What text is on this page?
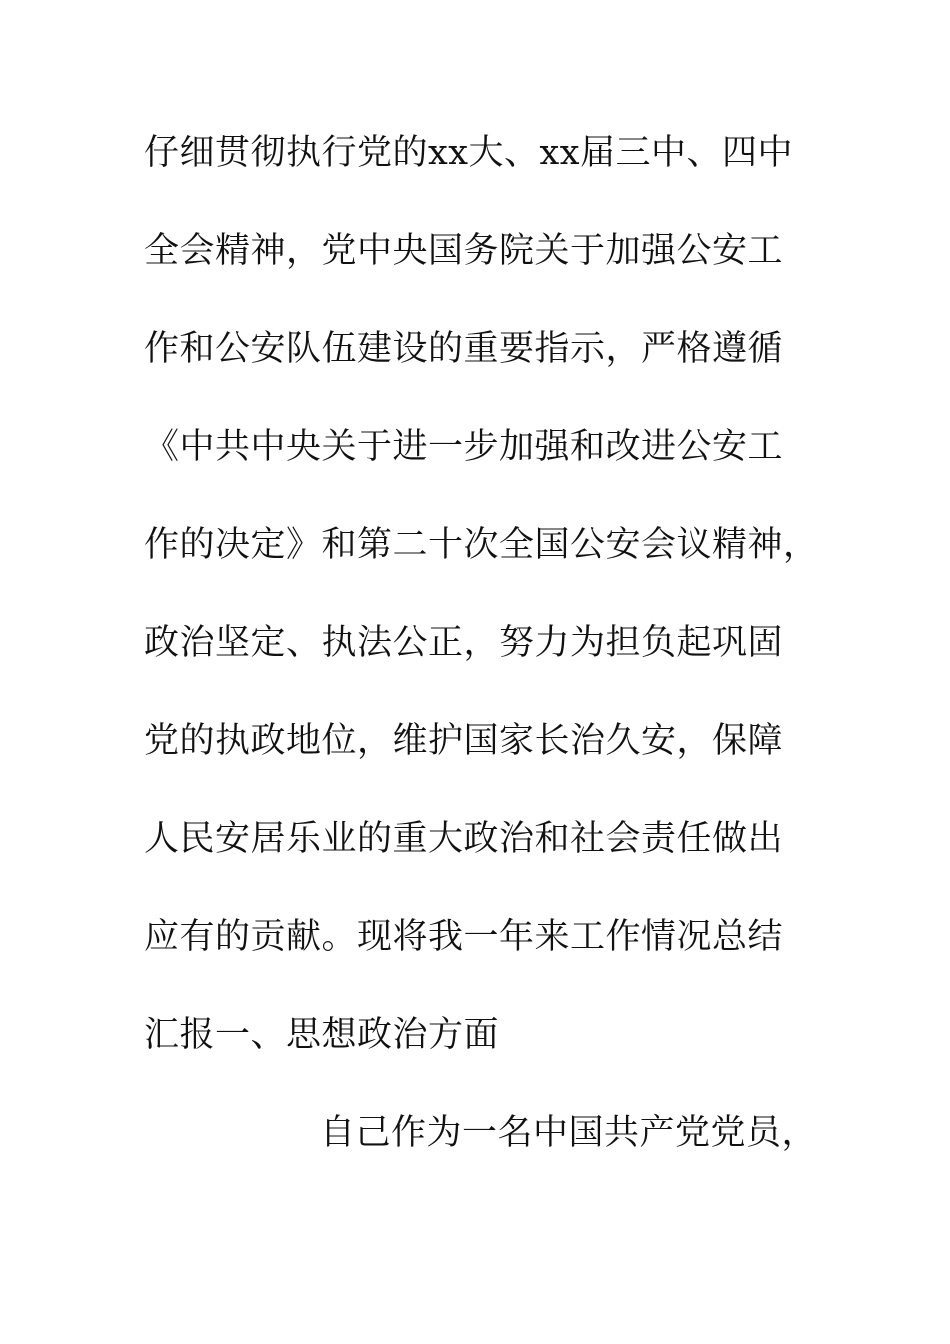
仔细贯彻执行党的xx大、xx届三中、四中
全会精神，党中央国务院关于加强公安工
作和公安队伍建设的重要指示，严格遵循
《中共中央关于进一步加强和改进公安工
作的决定》和第二十次全国公安会议精神，
政治坚定、执法公正，努力为担负起巩固
党的执政地位，维护国家长治久安，保障
人民安居乐业的重大政治和社会责任做出
应有的贡献。现将我一年来工作情况总结
汇报一、思想政治方面
自己作为一名中国共产党党员，
